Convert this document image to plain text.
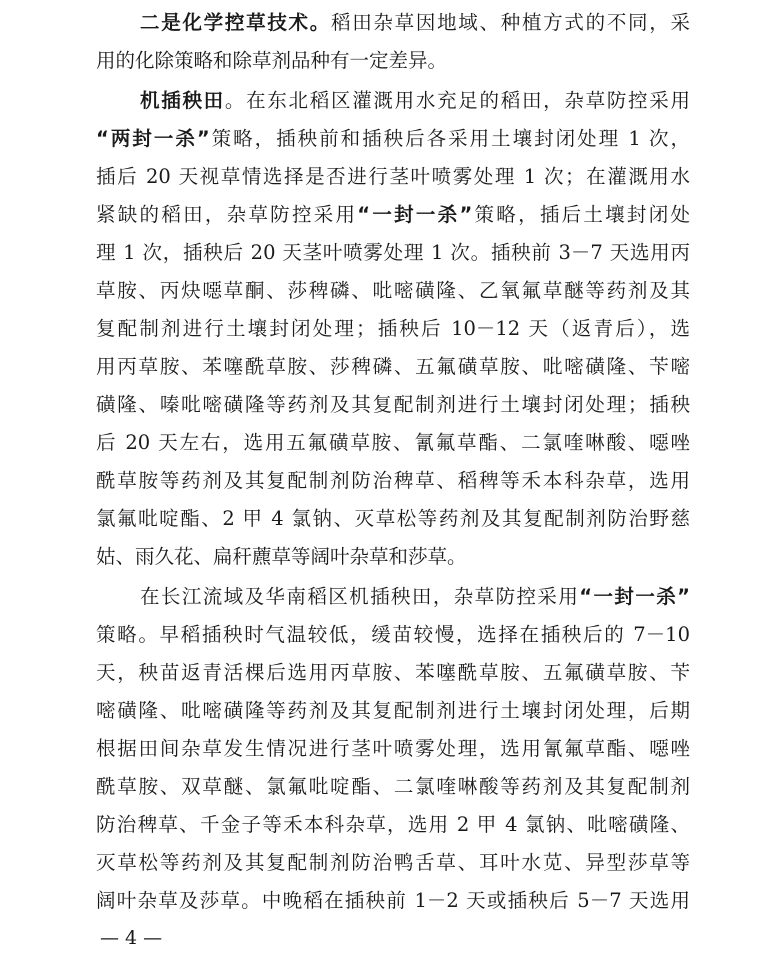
二是化学控草技术。稻田杂草因地域、种植方式的不同，采
用的化除策略和除草剂品种有一定差异。
机插秧田。在东北稻区灌溉用水充足的稻田，杂草防控采用
“两封一杀”策略，插秧前和插秧后各采用土壤封闭处理 1 次，
插后 20 天视草情选择是否进行茎叶喷雾处理 1 次；在灌溉用水
紧缺的稻田，杂草防控采用“一封一杀”策略，插后土壤封闭处
理 1 次，插秧后 20 天茎叶喷雾处理 1 次。插秧前 3－7 天选用丙
草胺、丙炔噁草酮、莎稗磷、吡嘧磺隆、乙氧氟草醚等药剂及其
复配制剂进行土壤封闭处理；插秧后 10－12 天（返青后），选
用丙草胺、苯噻酰草胺、莎稗磷、五氟磺草胺、吡嘧磺隆、苄嘧
磺隆、嗪吡嘧磺隆等药剂及其复配制剂进行土壤封闭处理；插秧
后 20 天左右，选用五氟磺草胺、氰氟草酯、二氯喹啉酸、噁唑
酰草胺等药剂及其复配制剂防治稗草、稻稗等禾本科杂草，选用
氯氟吡啶酯、2 甲 4 氯钠、灭草松等药剂及其复配制剂防治野慈
姑、雨久花、扁秆藨草等阔叶杂草和莎草。
在长江流域及华南稻区机插秧田，杂草防控采用“一封一杀”
策略。早稻插秧时气温较低，缓苗较慢，选择在插秧后的 7－10
天，秧苗返青活棵后选用丙草胺、苯噻酰草胺、五氟磺草胺、苄
嘧磺隆、吡嘧磺隆等药剂及其复配制剂进行土壤封闭处理，后期
根据田间杂草发生情况进行茎叶喷雾处理，选用氰氟草酯、噁唑
酰草胺、双草醚、氯氟吡啶酯、二氯喹啉酸等药剂及其复配制剂
防治稗草、千金子等禾本科杂草，选用 2 甲 4 氯钠、吡嘧磺隆、
灭草松等药剂及其复配制剂防治鸭舌草、耳叶水苋、异型莎草等
阔叶杂草及莎草。中晚稻在插秧前 1－2 天或插秧后 5－7 天选用
— 4 —
